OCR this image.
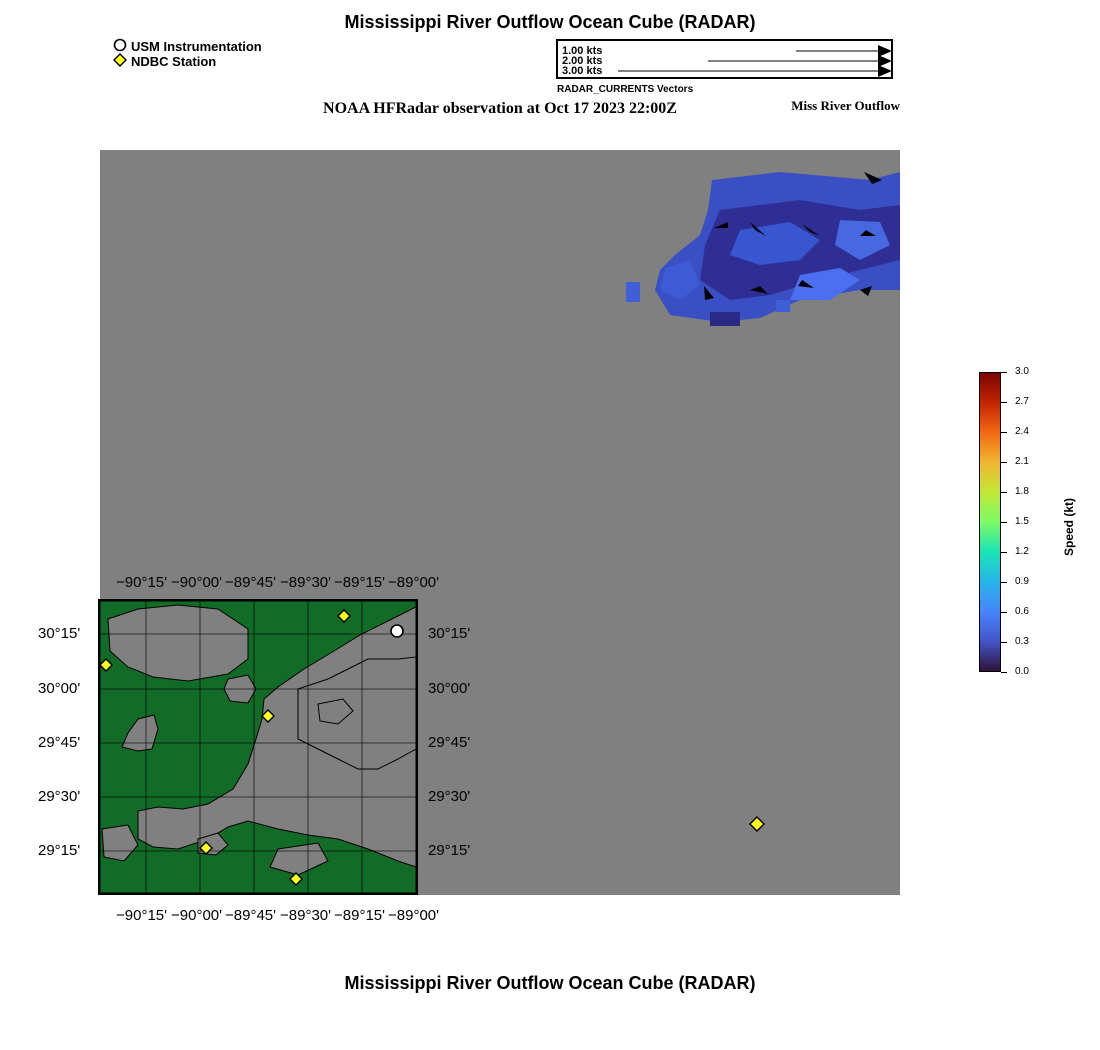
Mississippi River Outflow Ocean Cube (RADAR)
USM Instrumentation
NDBC Station
1.00 kts
2.00 kts
3.00 kts
RADAR_CURRENTS Vectors
NOAA HFRadar observation at Oct 17 2023 22:00Z	Miss River Outflow
−90°15' −90°00' −89°45' −89°30' −89°15' −89°00'
−90°15' −90°00' −89°45' −89°30' −89°15' −89°00'
30°15'
30°00'
29°45'
29°30'
29°15'
30°15'
30°00'
29°45'
29°30'
29°15'
3.0
2.7
2.4
2.1
1.8
1.5
1.2
0.9
0.6
0.3
0.0
Speed (kt)
Mississippi River Outflow Ocean Cube (RADAR)
